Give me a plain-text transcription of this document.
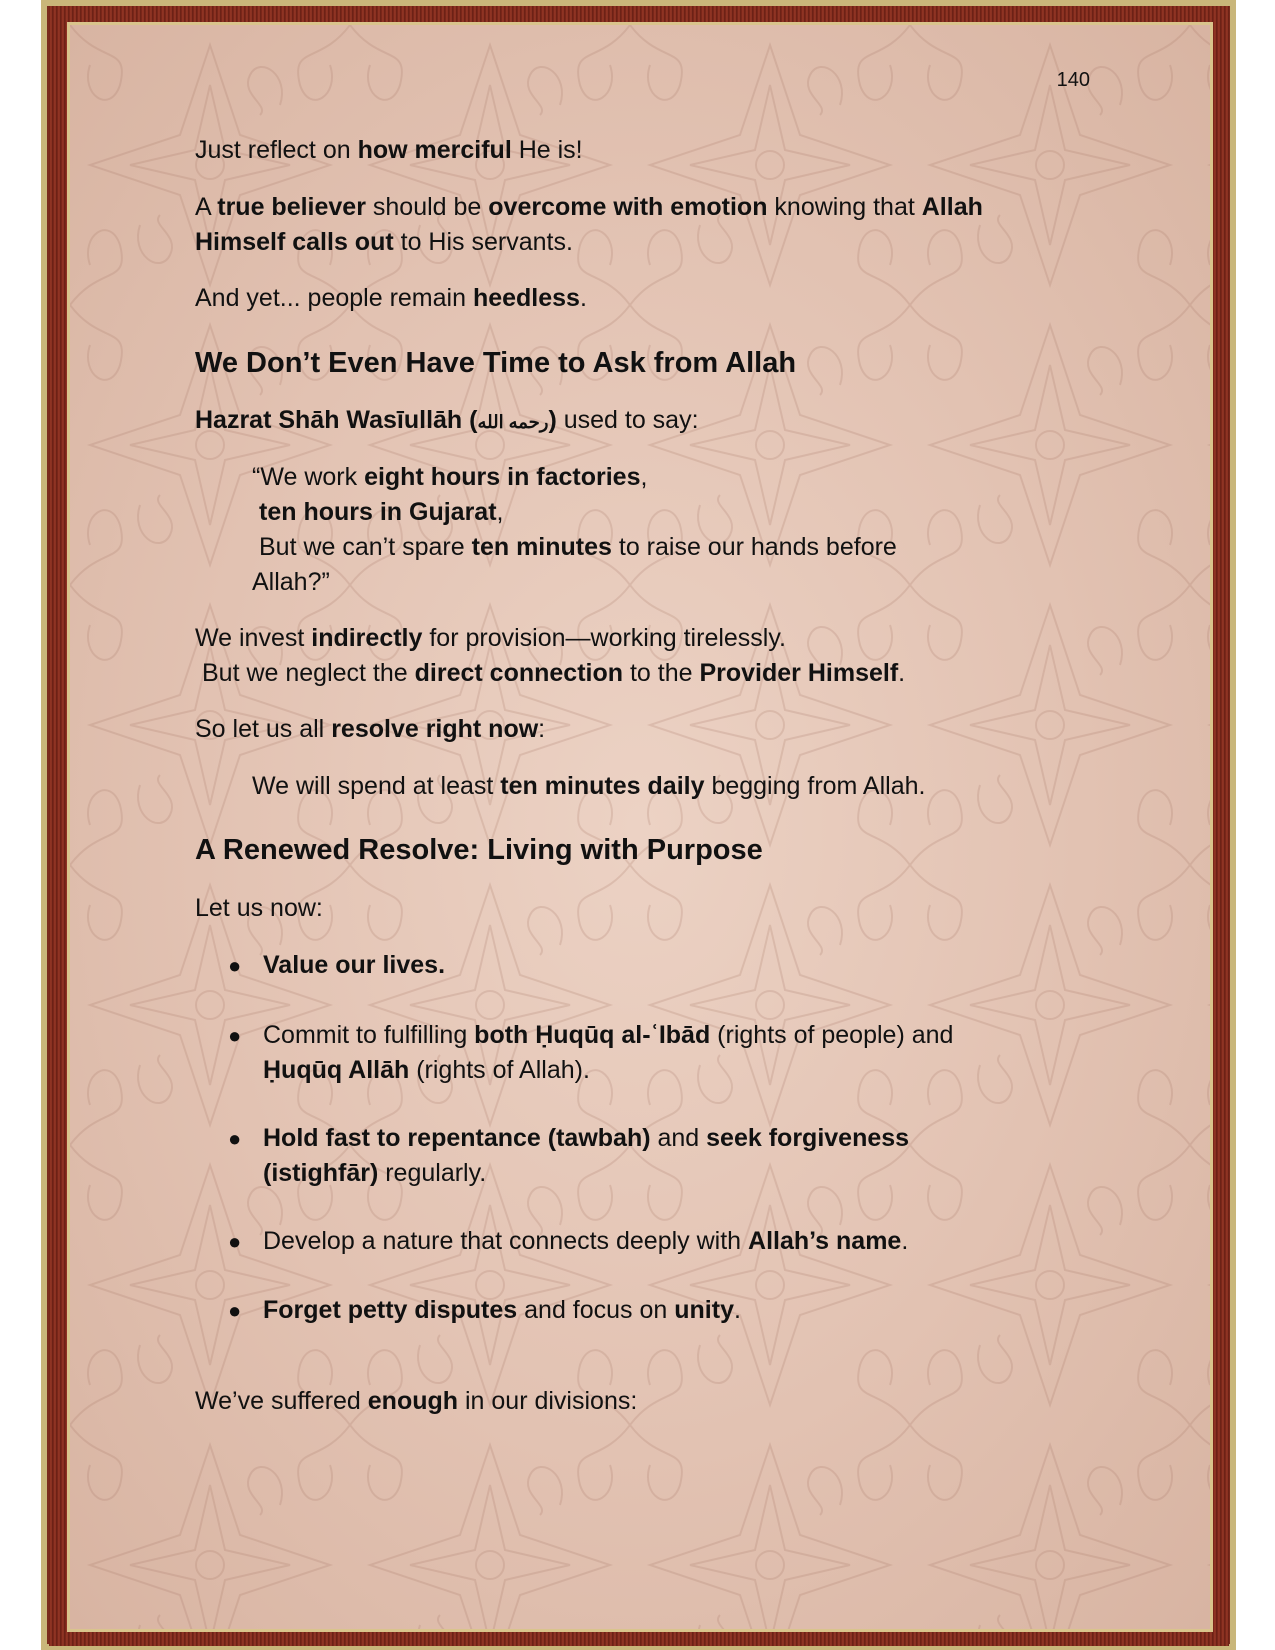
140

Just reflect on how merciful He is!

A true believer should be overcome with emotion knowing that Allah Himself calls out to His servants.

And yet... people remain heedless.

We Don’t Even Have Time to Ask from Allah

Hazrat Shāh Wasīullāh (رحمه الله) used to say:

“We work eight hours in factories,
ten hours in Gujarat,
But we can’t spare ten minutes to raise our hands before Allah?”
We invest indirectly for provision—working tirelessly.
But we neglect the direct connection to the Provider Himself.

So let us all resolve right now:

We will spend at least ten minutes daily begging from Allah.

A Renewed Resolve: Living with Purpose

Let us now:

● Value our lives.
● Commit to fulfilling both Ḥuqūq al-ʿIbād (rights of people) and Ḥuqūq Allāh (rights of Allah).
● Hold fast to repentance (tawbah) and seek forgiveness (istighfār) regularly.
● Develop a nature that connects deeply with Allah’s name.
● Forget petty disputes and focus on unity.

We’ve suffered enough in our divisions:
